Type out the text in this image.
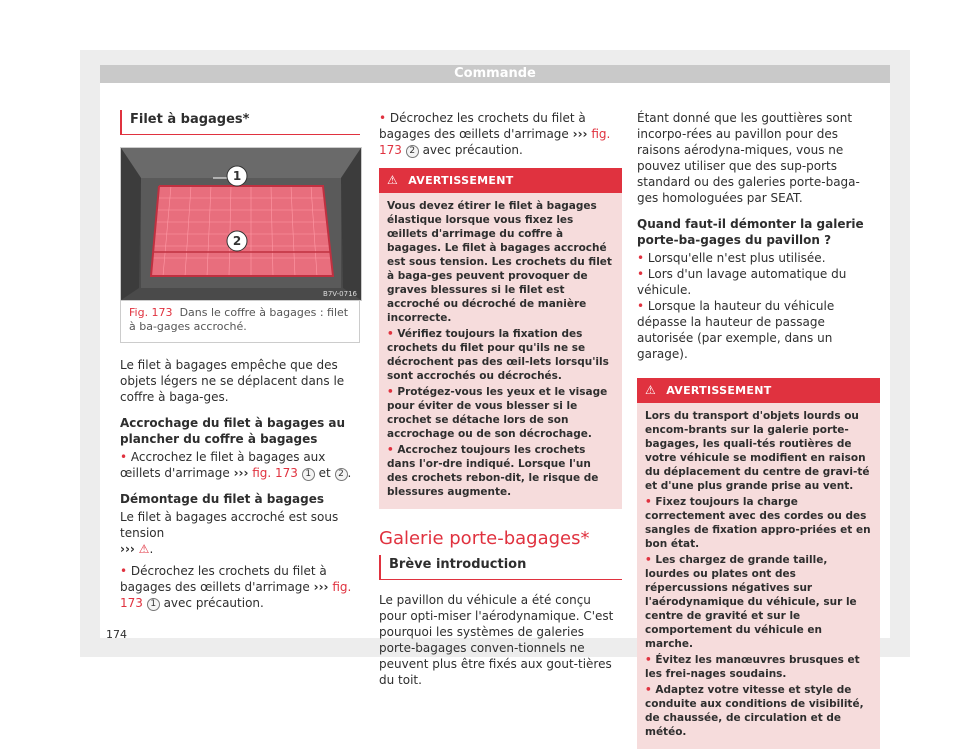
Filet à bagages*
1
2
B7V-0716
Fig. 173 Dans le coffre à bagages : filet à ba-gages accroché.

Le filet à bagages empêche que des objets légers ne se déplacent dans le coffre à baga-ges.

Accrochage du filet à bagages au plancher du coffre à bagages

• Accrochez le filet à bagages aux œillets d'arrimage ››› fig. 173 1 et 2 .

Démontage du filet à bagages

Le filet à bagages accroché est sous tension

››› ⚠.

• Décrochez les crochets du filet à bagages des œillets d'arrimage ››› fig. 173 1 avec précaution.

• Décrochez les crochets du filet à bagages des œillets d'arrimage ››› fig. 173 2 avec précaution.

⚠ AVERTISSEMENT

Vous devez étirer le filet à bagages élastique lorsque vous fixez les œillets d'arrimage du coffre à bagages. Le filet à bagages accroché est sous tension. Les crochets du filet à baga-ges peuvent provoquer de graves blessures si le filet est accroché ou décroché de manière incorrecte.

• Vérifiez toujours la fixation des crochets du filet pour qu'ils ne se décrochent pas des œil-lets lorsqu'ils sont accrochés ou décrochés.

• Protégez-vous les yeux et le visage pour éviter de vous blesser si le crochet se détache lors de son accrochage ou de son décrochage.

• Accrochez toujours les crochets dans l'or-dre indiqué. Lorsque l'un des crochets rebon-dit, le risque de blessures augmente.

Galerie porte-bagages*
Brève introduction

Le pavillon du véhicule a été conçu pour opti-miser l'aérodynamique. C'est pourquoi les systèmes de galeries porte-bagages conven-tionnels ne peuvent plus être fixés aux gout-tières du toit.

Étant donné que les gouttières sont incorpo-rées au pavillon pour des raisons aérodyna-miques, vous ne pouvez utiliser que des sup-ports standard ou des galeries porte-baga-ges homologuées par SEAT.

Quand faut-il démonter la galerie porte-ba-gages du pavillon ?

• Lorsqu'elle n'est plus utilisée.

• Lors d'un lavage automatique du véhicule.

• Lorsque la hauteur du véhicule dépasse la hauteur de passage autorisée (par exemple, dans un garage).

⚠ AVERTISSEMENT

Lors du transport d'objets lourds ou encom-brants sur la galerie porte-bagages, les quali-tés routières de votre véhicule se modifient en raison du déplacement du centre de gravi-té et d'une plus grande prise au vent.

• Fixez toujours la charge correctement avec des cordes ou des sangles de fixation appro-priées et en bon état.

• Les chargez de grande taille, lourdes ou plates ont des répercussions négatives sur l'aérodynamique du véhicule, sur le centre de gravité et sur le comportement du véhicule en marche.

• Évitez les manœuvres brusques et les frei-nages soudains.

• Adaptez votre vitesse et style de conduite aux conditions de visibilité, de chaussée, de circulation et de météo.

174
Commande
